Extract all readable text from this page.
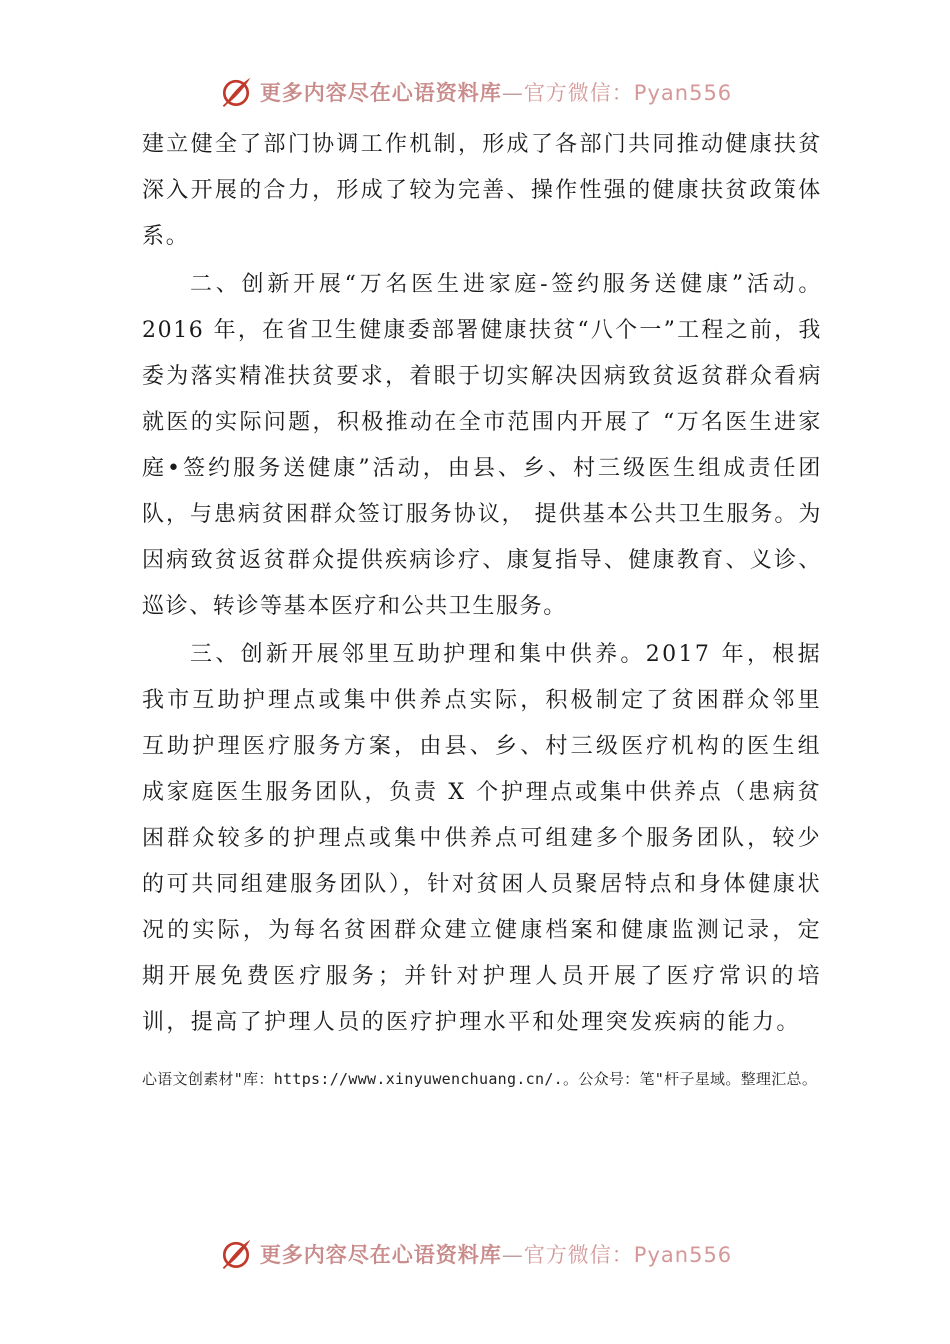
更多内容尽在心语资料库—官方微信：Pyan556

建立健全了部门协调工作机制，形成了各部门共同推动健康扶贫深入开展的合力，形成了较为完善、操作性强的健康扶贫政策体系。

二、创新开展“万名医生进家庭-签约服务送健康”活动。2016 年，在省卫生健康委部署健康扶贫“八个一”工程之前，我委为落实精准扶贫要求，着眼于切实解决因病致贫返贫群众看病就医的实际问题，积极推动在全市范围内开展了 “万名医生进家庭•签约服务送健康”活动，由县、乡、村三级医生组成责任团队，与患病贫困群众签订服务协议， 提供基本公共卫生服务。为因病致贫返贫群众提供疾病诊疗、康复指导、健康教育、义诊、巡诊、转诊等基本医疗和公共卫生服务。

三、创新开展邻里互助护理和集中供养。2017 年，根据我市互助护理点或集中供养点实际，积极制定了贫困群众邻里互助护理医疗服务方案，由县、乡、村三级医疗机构的医生组成家庭医生服务团队，负责 X 个护理点或集中供养点（患病贫困群众较多的护理点或集中供养点可组建多个服务团队，较少的可共同组建服务团队），针对贫困人员聚居特点和身体健康状况的实际，为每名贫困群众建立健康档案和健康监测记录，定期开展免费医疗服务；并针对护理人员开展了医疗常识的培训，提高了护理人员的医疗护理水平和处理突发疾病的能力。

心语文创素材"库：https://www.xinyuwenchuang.cn/.。公众号：笔"杆子星域。整理汇总。
更多内容尽在心语资料库—官方微信：Pyan556
